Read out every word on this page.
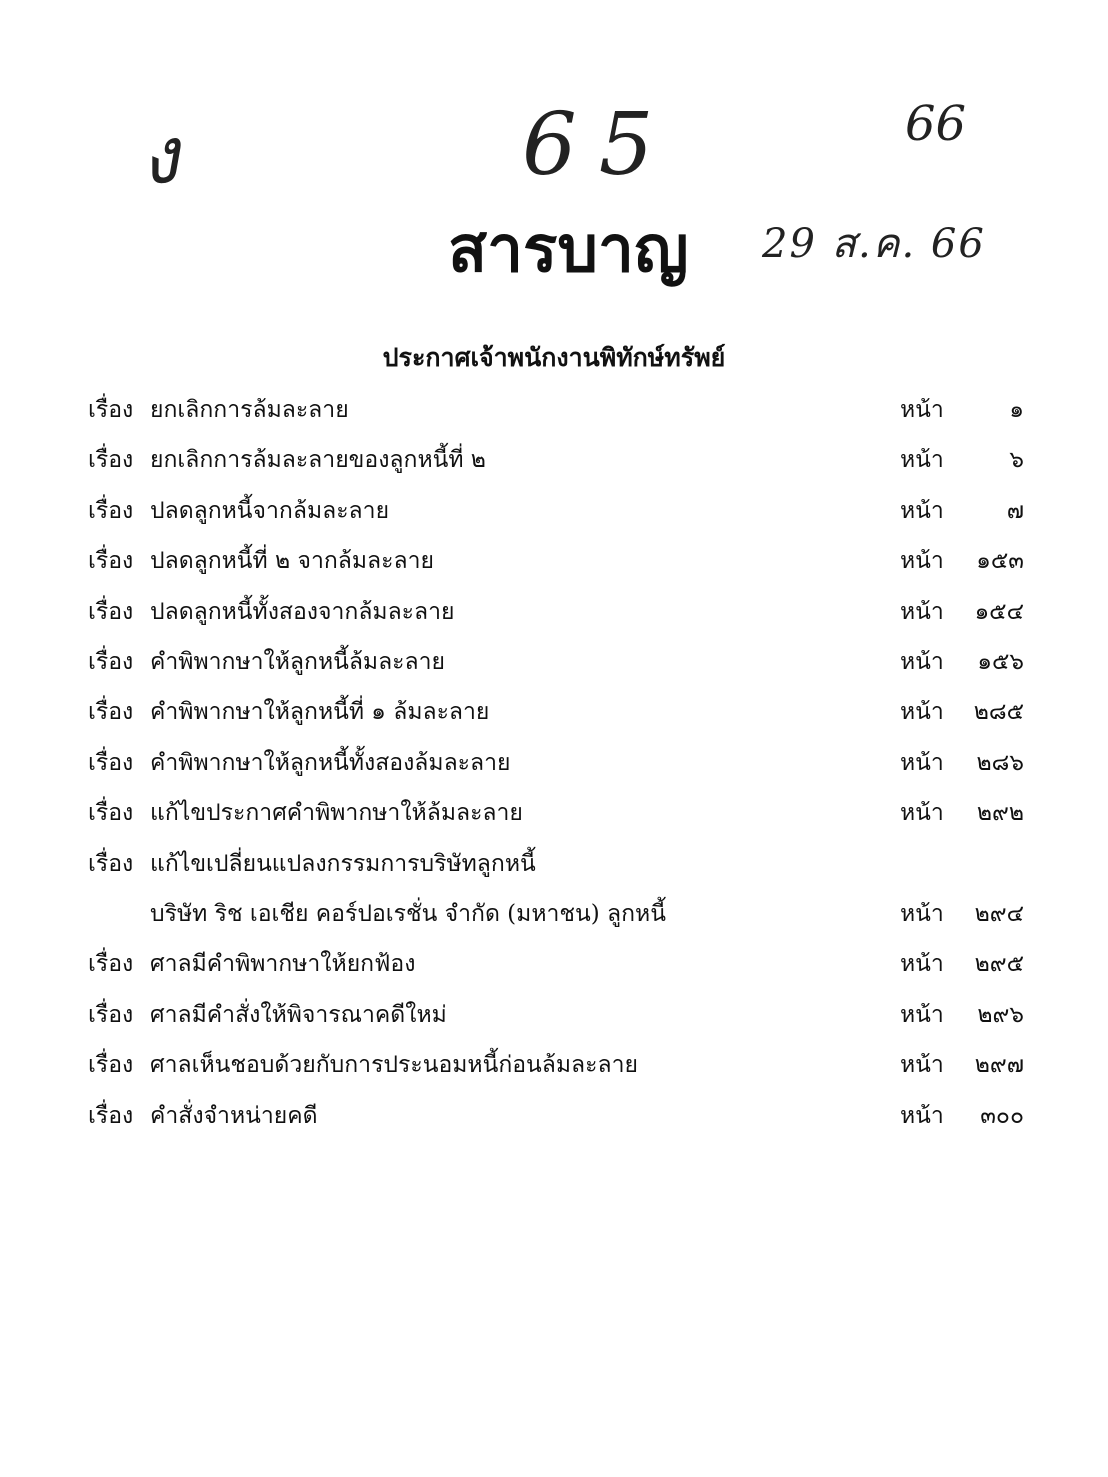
ง	65	66
29 ส.ค. 66
สารบาญ
ประกาศเจ้าพนักงานพิทักษ์ทรัพย์
เรื่อง ยกเลิกการล้มละลาย	หน้า	๑
เรื่อง ยกเลิกการล้มละลายของลูกหนี้ที่ ๒	หน้า	๖
เรื่อง ปลดลูกหนี้จากล้มละลาย	หน้า	๗
เรื่อง ปลดลูกหนี้ที่ ๒ จากล้มละลาย	หน้า ๑๕๓
เรื่อง ปลดลูกหนี้ทั้งสองจากล้มละลาย	หน้า ๑๕๔
เรื่อง คำพิพากษาให้ลูกหนี้ล้มละลาย	หน้า ๑๕๖
เรื่อง คำพิพากษาให้ลูกหนี้ที่ ๑ ล้มละลาย	หน้า ๒๘๕
เรื่อง คำพิพากษาให้ลูกหนี้ทั้งสองล้มละลาย	หน้า ๒๘๖
เรื่อง แก้ไขประกาศคำพิพากษาให้ล้มละลาย	หน้า ๒๙๒
เรื่อง แก้ไขเปลี่ยนแปลงกรรมการบริษัทลูกหนี้
บริษัท ริช เอเชีย คอร์ปอเรชั่น จำกัด (มหาชน) ลูกหนี้	หน้า ๒๙๔
เรื่อง ศาลมีคำพิพากษาให้ยกฟ้อง	หน้า ๒๙๕
เรื่อง ศาลมีคำสั่งให้พิจารณาคดีใหม่	หน้า ๒๙๖
เรื่อง ศาลเห็นชอบด้วยกับการประนอมหนี้ก่อนล้มละลาย	หน้า ๒๙๗
เรื่อง คำสั่งจำหน่ายคดี	หน้า ๓๐๐
